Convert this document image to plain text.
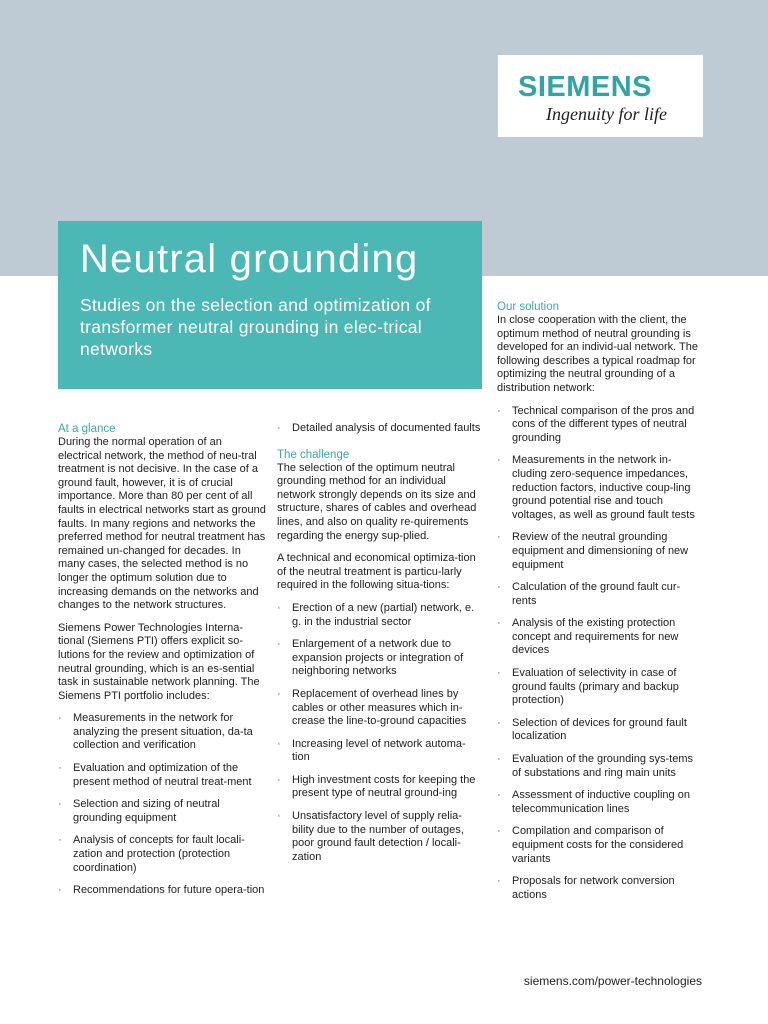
SIEMENS
Ingenuity for life
Neutral grounding
Studies on the selection and optimization of transformer neutral grounding in elec-trical networks
At a glance
During the normal operation of an electrical network, the method of neu-tral treatment is not decisive. In the case of a ground fault, however, it is of crucial importance. More than 80 per cent of all faults in electrical networks start as ground faults. In many regions and networks the preferred method for neutral treatment has remained un-changed for decades. In many cases, the selected method is no longer the optimum solution due to increasing demands on the networks and changes to the network structures.
Siemens Power Technologies Interna-tional (Siemens PTI) offers explicit so-lutions for the review and optimization of neutral grounding, which is an es-sential task in sustainable network planning. The Siemens PTI portfolio includes:
· Measurements in the network for analyzing the present situation, da-ta collection and verification
· Evaluation and optimization of the present method of neutral treat-ment
· Selection and sizing of neutral grounding equipment
· Analysis of concepts for fault locali-zation and protection (protection coordination)
· Recommendations for future opera-tion
· Detailed analysis of documented faults
The challenge
The selection of the optimum neutral grounding method for an individual network strongly depends on its size and structure, shares of cables and overhead lines, and also on quality re-quirements regarding the energy sup-plied.
A technical and economical optimiza-tion of the neutral treatment is particu-larly required in the following situa-tions:
· Erection of a new (partial) network, e. g. in the industrial sector
· Enlargement of a network due to expansion projects or integration of neighboring networks
· Replacement of overhead lines by cables or other measures which in-crease the line-to-ground capacities
· Increasing level of network automa-tion
· High investment costs for keeping the present type of neutral ground-ing
· Unsatisfactory level of supply relia-bility due to the number of outages, poor ground fault detection / locali-zation
Our solution
In close cooperation with the client, the optimum method of neutral grounding is developed for an individ-ual network. The following describes a typical roadmap for optimizing the neutral grounding of a distribution network:
· Technical comparison of the pros and cons of the different types of neutral grounding
· Measurements in the network in-cluding zero-sequence impedances, reduction factors, inductive coup-ling ground potential rise and touch voltages, as well as ground fault tests
· Review of the neutral grounding equipment and dimensioning of new equipment
· Calculation of the ground fault cur-rents
· Analysis of the existing protection concept and requirements for new devices
· Evaluation of selectivity in case of ground faults (primary and backup protection)
· Selection of devices for ground fault localization
· Evaluation of the grounding sys-tems of substations and ring main units
· Assessment of inductive coupling on telecommunication lines
· Compilation and comparison of equipment costs for the considered variants
· Proposals for network conversion actions
siemens.com/power-technologies
